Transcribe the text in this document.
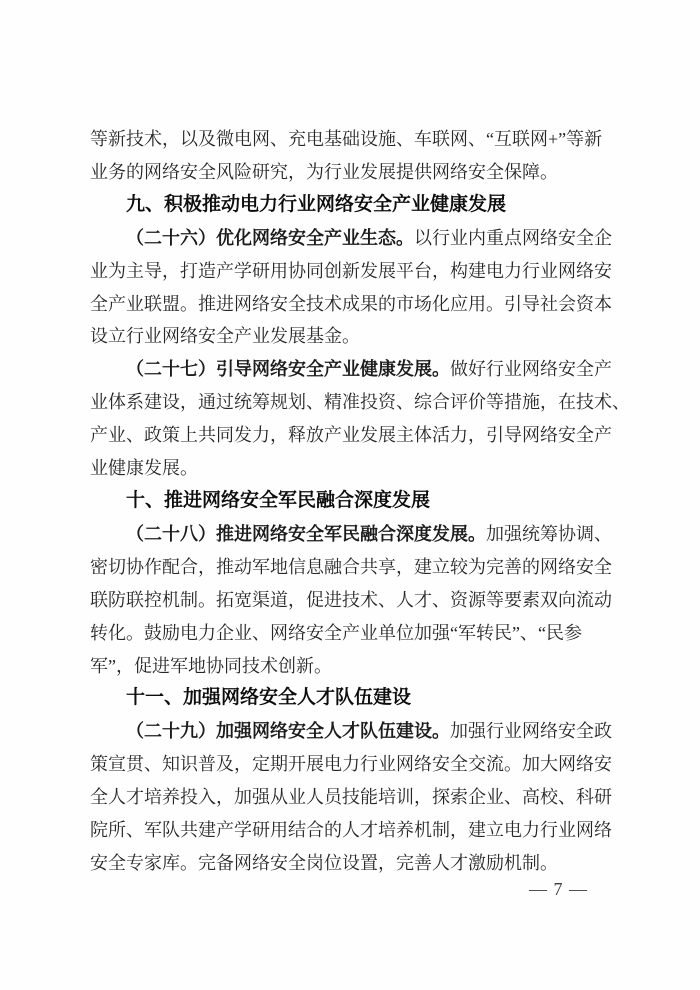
等新技术，以及微电网、充电基础设施、车联网、“互联网+”等新
业务的网络安全风险研究，为行业发展提供网络安全保障。
九、积极推动电力行业网络安全产业健康发展
（二十六）优化网络安全产业生态。以行业内重点网络安全企
业为主导，打造产学研用协同创新发展平台，构建电力行业网络安
全产业联盟。推进网络安全技术成果的市场化应用。引导社会资本
设立行业网络安全产业发展基金。
（二十七）引导网络安全产业健康发展。做好行业网络安全产
业体系建设，通过统筹规划、精准投资、综合评价等措施，在技术、
产业、政策上共同发力，释放产业发展主体活力，引导网络安全产
业健康发展。
十、推进网络安全军民融合深度发展
（二十八）推进网络安全军民融合深度发展。加强统筹协调、
密切协作配合，推动军地信息融合共享，建立较为完善的网络安全
联防联控机制。拓宽渠道，促进技术、人才、资源等要素双向流动
转化。鼓励电力企业、网络安全产业单位加强“军转民”、“民参
军”，促进军地协同技术创新。
十一、加强网络安全人才队伍建设
（二十九）加强网络安全人才队伍建设。加强行业网络安全政
策宣贯、知识普及，定期开展电力行业网络安全交流。加大网络安
全人才培养投入，加强从业人员技能培训，探索企业、高校、科研
院所、军队共建产学研用结合的人才培养机制，建立电力行业网络
安全专家库。完备网络安全岗位设置，完善人才激励机制。
— 7 —
